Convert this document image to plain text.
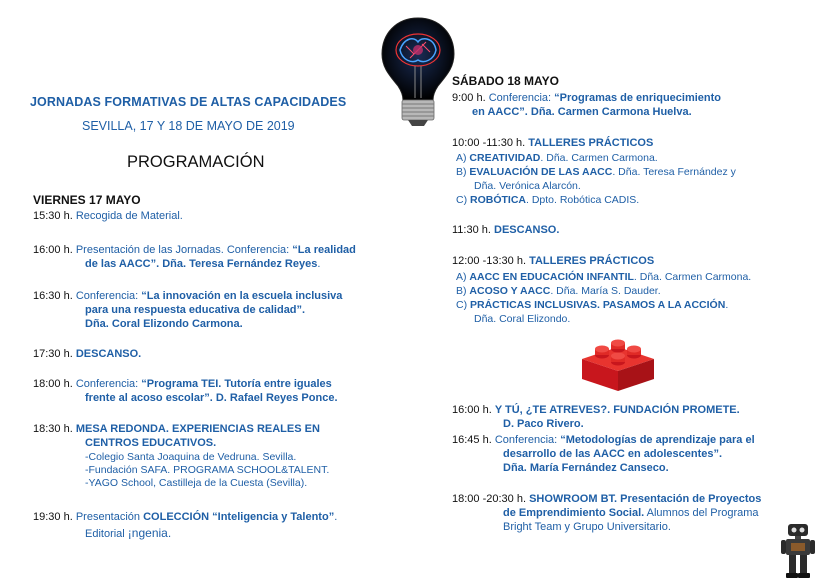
JORNADAS FORMATIVAS DE ALTAS CAPACIDADES
SEVILLA, 17 Y 18 DE MAYO DE 2019
PROGRAMACIÓN
VIERNES 17 MAYO
15:30 h. Recogida de Material.
16:00 h. Presentación de las Jornadas. Conferencia: “La realidad
de las AACC”. Dña. Teresa Fernández Reyes.
16:30 h. Conferencia: “La innovación en la escuela inclusiva
para una respuesta educativa de calidad”.
Dña. Coral Elizondo Carmona.
17:30 h. DESCANSO.
18:00 h. Conferencia: “Programa TEI. Tutoría entre iguales
frente al acoso escolar”. D. Rafael Reyes Ponce.
18:30 h. MESA REDONDA. EXPERIENCIAS REALES EN
CENTROS EDUCATIVOS.
-Colegio Santa Joaquina de Vedruna. Sevilla.
-Fundación SAFA. PROGRAMA SCHOOL&TALENT.
-YAGO School, Castilleja de la Cuesta (Sevilla).
19:30 h. Presentación COLECCIÓN “Inteligencia y Talento”.
Editorial ¡ngenia.
SÁBADO 18 MAYO
9:00 h. Conferencia: “Programas de enriquecimiento
en AACC”. Dña. Carmen Carmona Huelva.
10:00 -11:30 h. TALLERES PRÁCTICOS
A) CREATIVIDAD. Dña. Carmen Carmona.
B) EVALUACIÓN DE LAS AACC. Dña. Teresa Fernández y
Dña. Verónica Alarcón.
C) ROBÓTICA. Dpto. Robótica CADIS.
11:30 h. DESCANSO.
12:00 -13:30 h. TALLERES PRÁCTICOS
A) AACC EN EDUCACIÓN INFANTIL. Dña. Carmen Carmona.
B) ACOSO Y AACC. Dña. María S. Dauder.
C) PRÁCTICAS INCLUSIVAS. PASAMOS A LA ACCIÓN.
Dña. Coral Elizondo.
16:00 h. Y TÚ, ¿TE ATREVES?. FUNDACIÓN PROMETE.
D. Paco Rivero.
16:45 h. Conferencia: “Metodologías de aprendizaje para el
desarrollo de las AACC en adolescentes”.
Dña. María Fernández Canseco.
18:00 -20:30 h. SHOWROOM BT. Presentación de Proyectos
de Emprendimiento Social. Alumnos del Programa
Bright Team y Grupo Universitario.
